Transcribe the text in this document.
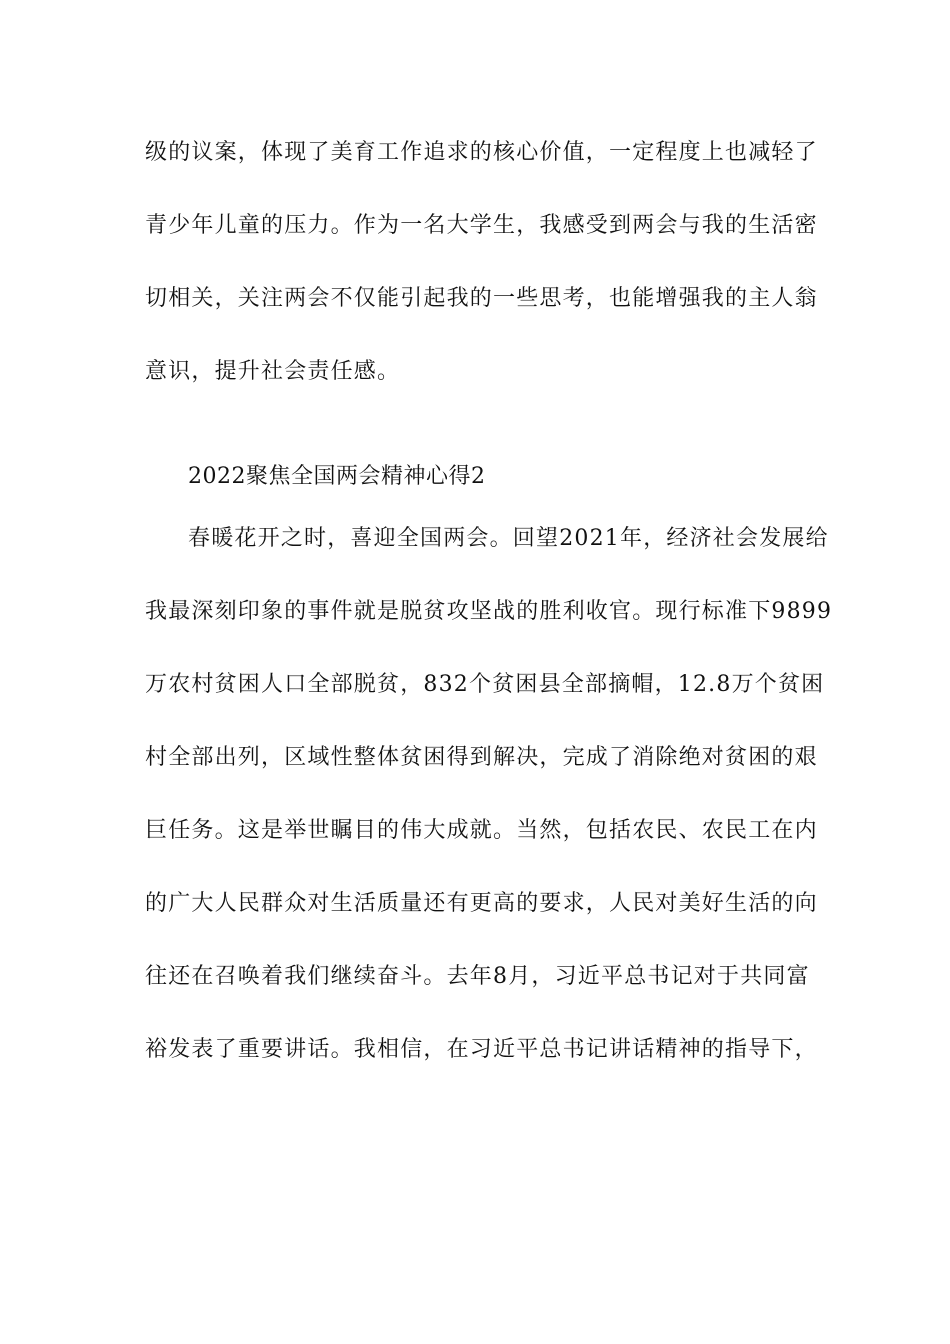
级的议案，体现了美育工作追求的核心价值，一定程度上也减轻了
青少年儿童的压力。作为一名大学生，我感受到两会与我的生活密
切相关，关注两会不仅能引起我的一些思考，也能增强我的主人翁
意识，提升社会责任感。
2022聚焦全国两会精神心得2
春暖花开之时，喜迎全国两会。回望2021年，经济社会发展给
我最深刻印象的事件就是脱贫攻坚战的胜利收官。现行标准下9899
万农村贫困人口全部脱贫，832个贫困县全部摘帽，12.8万个贫困
村全部出列，区域性整体贫困得到解决，完成了消除绝对贫困的艰
巨任务。这是举世瞩目的伟大成就。当然，包括农民、农民工在内
的广大人民群众对生活质量还有更高的要求，人民对美好生活的向
往还在召唤着我们继续奋斗。去年8月，习近平总书记对于共同富
裕发表了重要讲话。我相信，在习近平总书记讲话精神的指导下，
